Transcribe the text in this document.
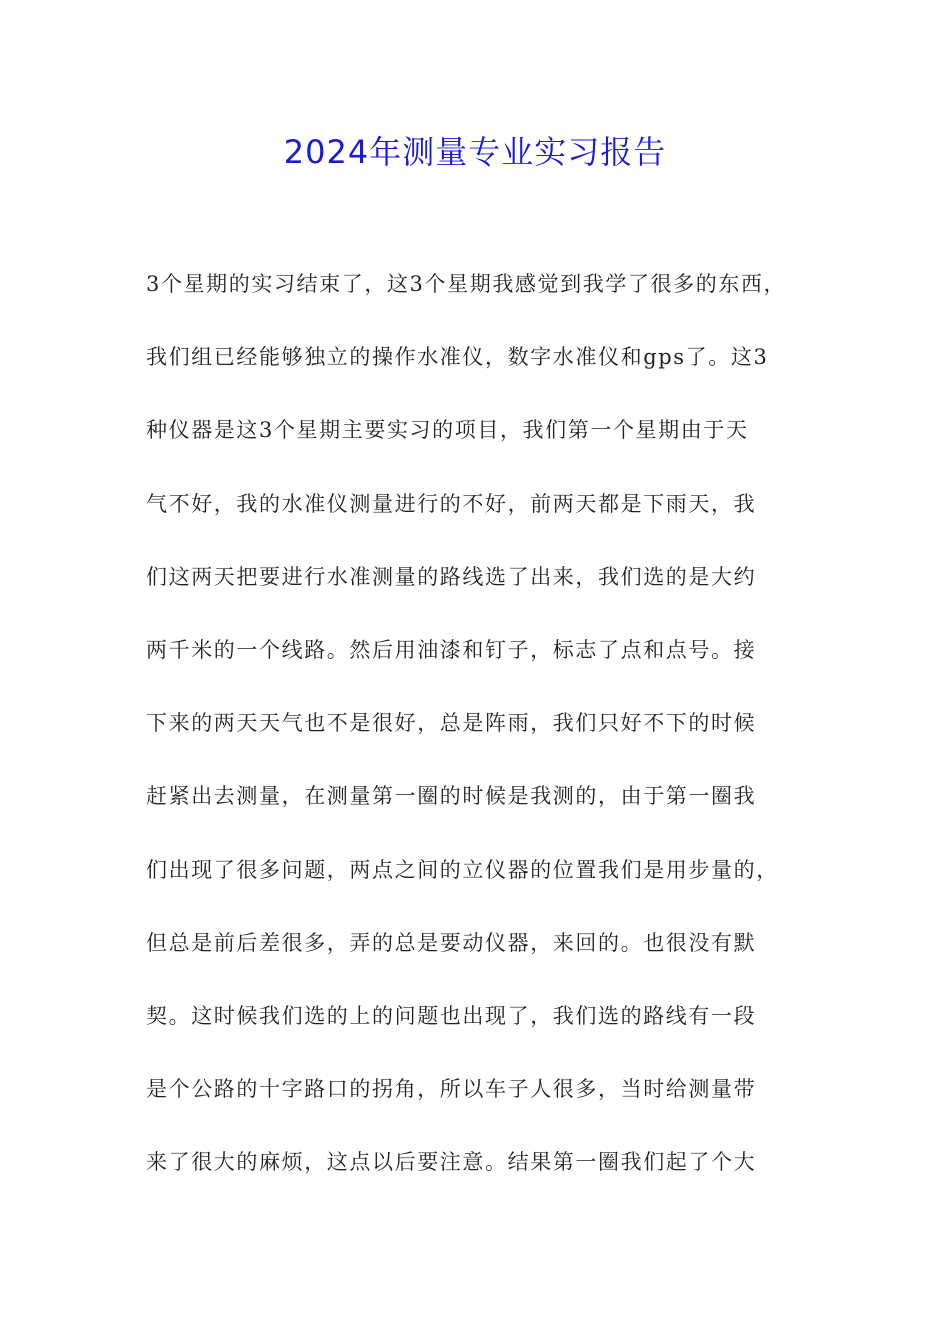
2024年测量专业实习报告
3个星期的实习结束了，这3个星期我感觉到我学了很多的东西，
我们组已经能够独立的操作水准仪，数字水准仪和gps了。这3
种仪器是这3个星期主要实习的项目，我们第一个星期由于天
气不好，我的水准仪测量进行的不好，前两天都是下雨天，我
们这两天把要进行水准测量的路线选了出来，我们选的是大约
两千米的一个线路。然后用油漆和钉子，标志了点和点号。接
下来的两天天气也不是很好，总是阵雨，我们只好不下的时候
赶紧出去测量，在测量第一圈的时候是我测的，由于第一圈我
们出现了很多问题，两点之间的立仪器的位置我们是用步量的，
但总是前后差很多，弄的总是要动仪器，来回的。也很没有默
契。这时候我们选的上的问题也出现了，我们选的路线有一段
是个公路的十字路口的拐角，所以车子人很多，当时给测量带
来了很大的麻烦，这点以后要注意。结果第一圈我们起了个大
